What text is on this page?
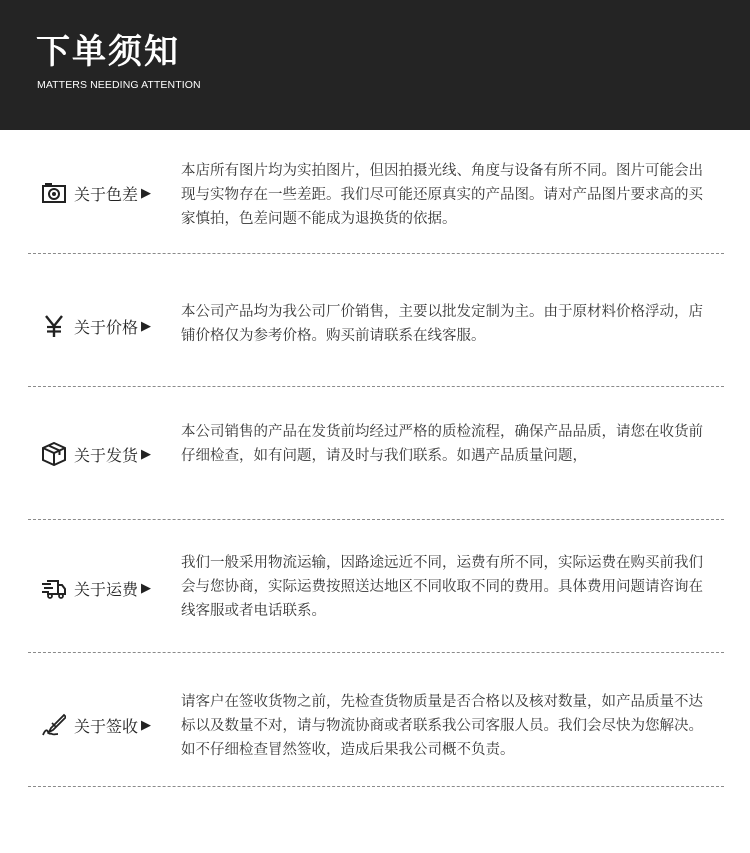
下单须知
MATTERS NEEDING ATTENTION
关于色差 ▶
本店所有图片均为实拍图片，但因拍摄光线、角度与设备有所不同。图片可能会出现与实物存在一些差距。我们尽可能还原真实的产品图。请对产品图片要求高的买家慎拍，色差问题不能成为退换货的依据。
关于价格 ▶
本公司产品均为我公司厂价销售，主要以批发定制为主。由于原材料价格浮动，店铺价格仅为参考价格。购买前请联系在线客服。
关于发货 ▶
本公司销售的产品在发货前均经过严格的质检流程，确保产品品质，请您在收货前仔细检查，如有问题，请及时与我们联系。如遇产品质量问题，
关于运费 ▶
我们一般采用物流运输，因路途远近不同，运费有所不同，实际运费在购买前我们会与您协商，实际运费按照送达地区不同收取不同的费用。具体费用问题请咨询在线客服或者电话联系。
关于签收 ▶
请客户在签收货物之前，先检查货物质量是否合格以及核对数量，如产品质量不达标以及数量不对，请与物流协商或者联系我公司客服人员。我们会尽快为您解决。如不仔细检查冒然签收，造成后果我公司概不负责。
